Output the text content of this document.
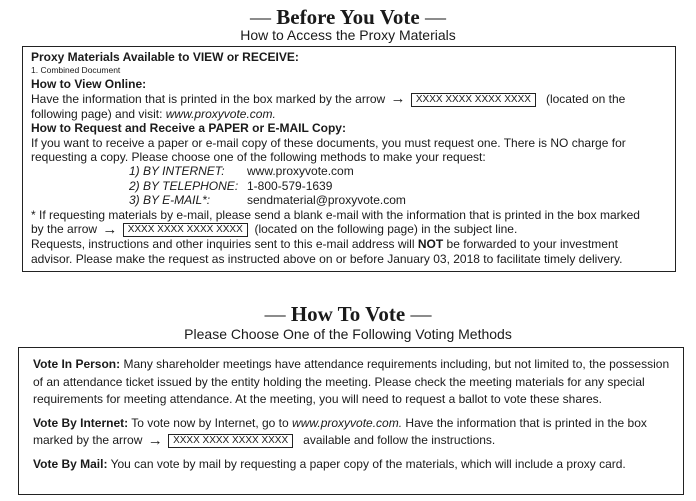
— Before You Vote —
How to Access the Proxy Materials
Proxy Materials Available to VIEW or RECEIVE:
1. Combined Document
How to View Online:
Have the information that is printed in the box marked by the arrow → XXXX XXXX XXXX XXXX (located on the
following page) and visit: www.proxyvote.com.
How to Request and Receive a PAPER or E-MAIL Copy:
If you want to receive a paper or e-mail copy of these documents, you must request one. There is NO charge for
requesting a copy. Please choose one of the following methods to make your request:
1) BY INTERNET:	www.proxyvote.com
2) BY TELEPHONE: 1-800-579-1639
3) BY E-MAIL*:	sendmaterial@proxyvote.com
* If requesting materials by e-mail, please send a blank e-mail with the information that is printed in the box marked
by the arrow → XXXX XXXX XXXX XXXX (located on the following page) in the subject line.
Requests, instructions and other inquiries sent to this e-mail address will NOT be forwarded to your investment
advisor. Please make the request as instructed above on or before January 03, 2018 to facilitate timely delivery.
— How To Vote —
Please Choose One of the Following Voting Methods
Vote In Person: Many shareholder meetings have attendance requirements including, but not limited to, the possession
of an attendance ticket issued by the entity holding the meeting. Please check the meeting materials for any special
requirements for meeting attendance. At the meeting, you will need to request a ballot to vote these shares.
Vote By Internet: To vote now by Internet, go to www.proxyvote.com. Have the information that is printed in the box
marked by the arrow → XXXX XXXX XXXX XXXX available and follow the instructions.
Vote By Mail: You can vote by mail by requesting a paper copy of the materials, which will include a proxy card.
